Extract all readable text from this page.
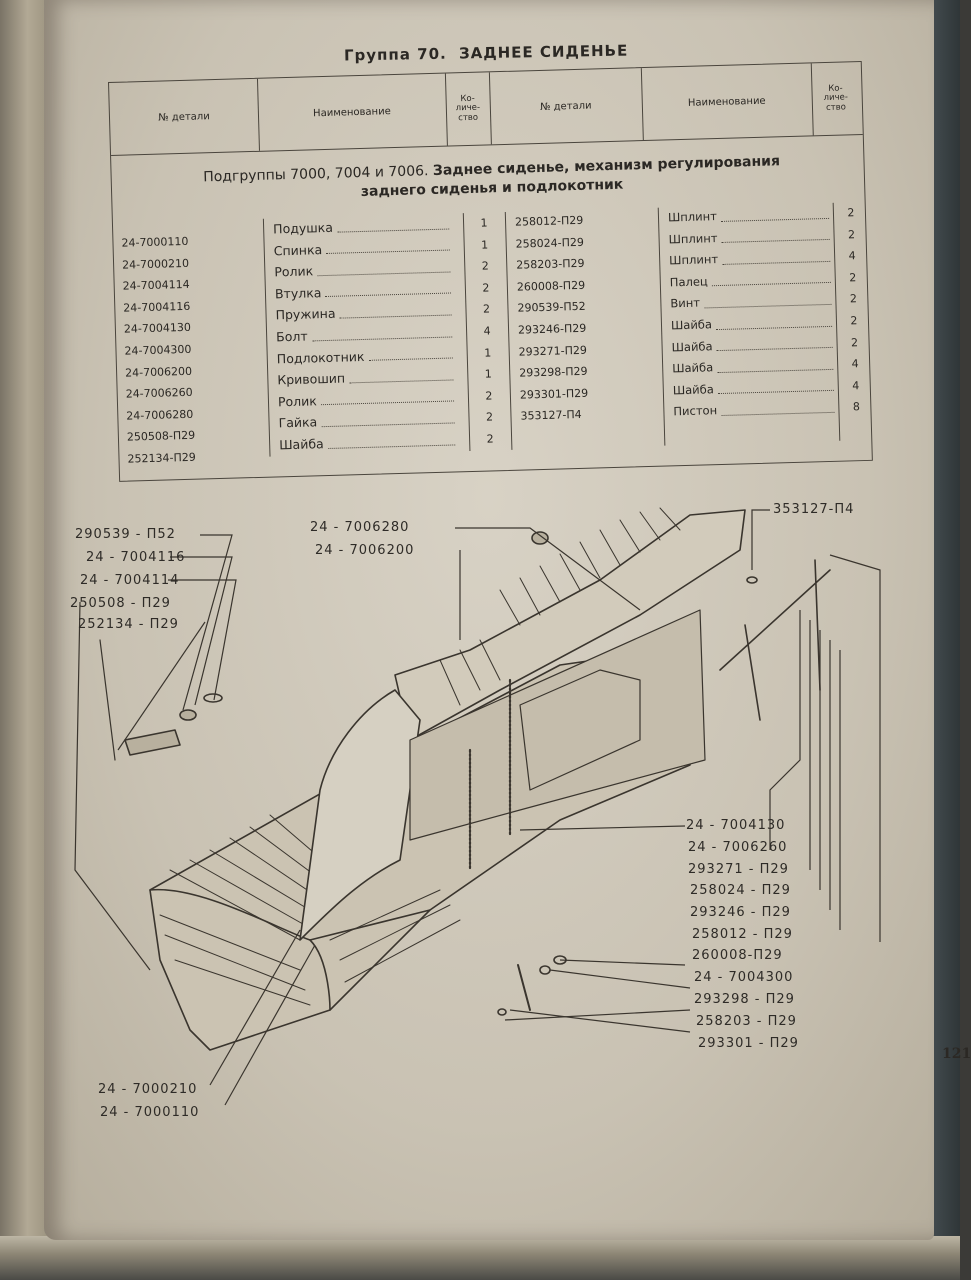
Группа 70. ЗАДНЕЕ СИДЕНЬЕ
№ детали	Наименование
Ко-
личе-
ство
№ детали	Наименование
Ко-
личе-
ство
Подгруппы 7000, 7004 и 7006. Заднее сиденье, механизм регулирования заднего сиденья и подлокотник
24-7000110
24-7000210
24-7004114
24-7004116
24-7004130
24-7004300
24-7006200
24-7006260
24-7006280
250508-П29
252134-П29
Подушка
Спинка
Ролик
Втулка
Пружина
Болт
Подлокотник
Кривошип
Ролик
Гайка
Шайба
1
1
2
2
2
4
1
1
2
2
2
258012-П29
258024-П29
258203-П29
260008-П29
290539-П52
293246-П29
293271-П29
293298-П29
293301-П29
353127-П4
Шплинт
Шплинт
Шплинт
Палец
Винт
Шайба
Шайба
Шайба
Шайба
Пистон
2
2
4
2
2
2
2
4
4
8
121
290539 - П52
24 - 7004116
24 - 7004114
250508 - П29
252134 - П29
24 - 7006280
24 - 7006200
353127-П4
24 - 7004130
24 - 7006260
293271 - П29
258024 - П29
293246 - П29
258012 - П29
260008-П29
24 - 7004300
293298 - П29
258203 - П29
293301 - П29
24 - 7000210
24 - 7000110
